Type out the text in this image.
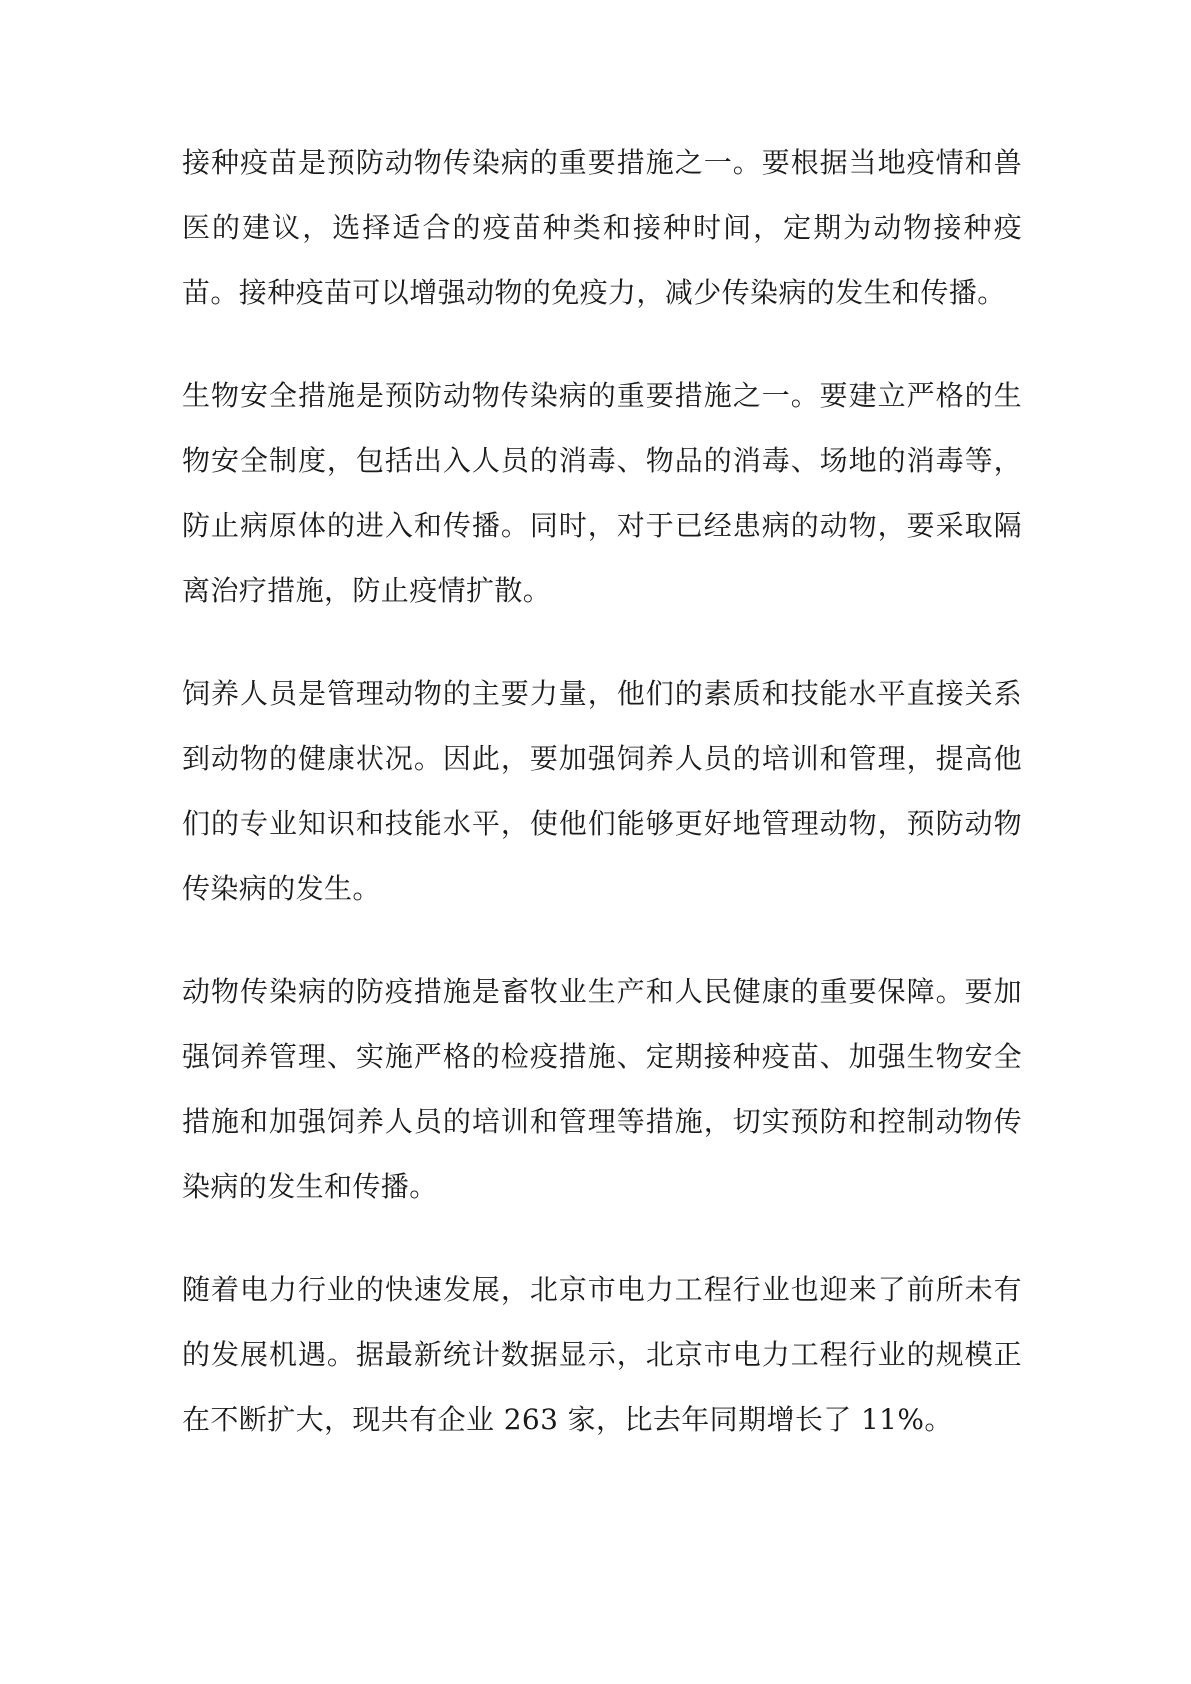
接种疫苗是预防动物传染病的重要措施之一。要根据当地疫情和兽医的建议，选择适合的疫苗种类和接种时间，定期为动物接种疫苗。接种疫苗可以增强动物的免疫力，减少传染病的发生和传播。

生物安全措施是预防动物传染病的重要措施之一。要建立严格的生物安全制度，包括出入人员的消毒、物品的消毒、场地的消毒等，防止病原体的进入和传播。同时，对于已经患病的动物，要采取隔离治疗措施，防止疫情扩散。

饲养人员是管理动物的主要力量，他们的素质和技能水平直接关系到动物的健康状况。因此，要加强饲养人员的培训和管理，提高他们的专业知识和技能水平，使他们能够更好地管理动物，预防动物传染病的发生。

动物传染病的防疫措施是畜牧业生产和人民健康的重要保障。要加强饲养管理、实施严格的检疫措施、定期接种疫苗、加强生物安全措施和加强饲养人员的培训和管理等措施，切实预防和控制动物传染病的发生和传播。

随着电力行业的快速发展，北京市电力工程行业也迎来了前所未有的发展机遇。据最新统计数据显示，北京市电力工程行业的规模正在不断扩大，现共有企业 263 家，比去年同期增长了 11%。
